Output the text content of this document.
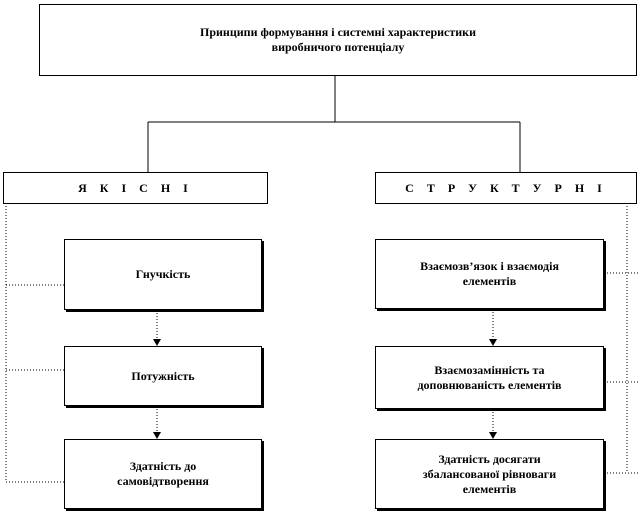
Принципи формування і системні характеристики
виробничого потенціалу
Я К І С Н І	С Т Р У К Т У Р Н І
Гнучкість
Потужність
Здатність до
самовідтворення
Взаємозв’язок і взаємодія
елементів
Взаємозамінність та
доповнюваність елементів
Здатність досягати
збалансованої рівноваги
елементів
